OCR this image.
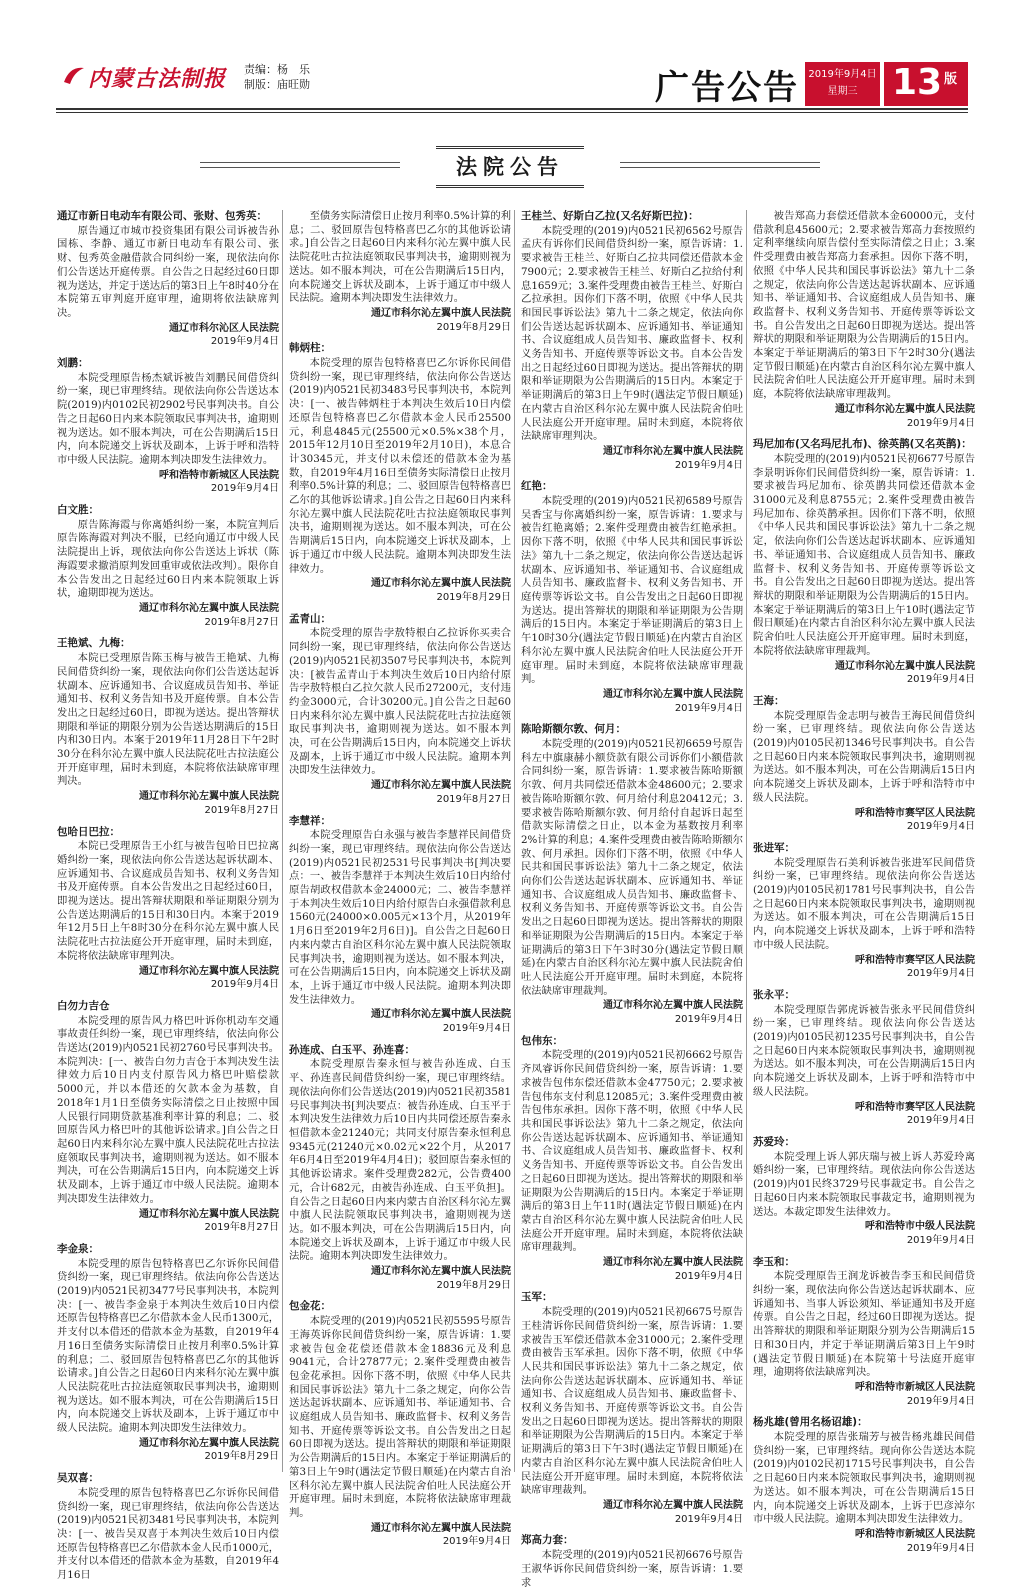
内蒙古法制报 责编：杨　乐
制版：庙旺勋	广告公告 2019年9月4日
星期三 13 版
法院公告
通辽市新日电动车有限公司、张财、包秀英：
原告通辽市城市投资集团有限公司诉被告孙国栋、李静、通辽市新日电动车有限公司、张财、包秀英金融借款合同纠纷一案，现依法向你们公告送达开庭传票。自公告之日起经过60日即视为送达，并定于送达后的第3日上午8时40分在本院第五审判庭开庭审理，逾期将依法缺席判决。
通辽市科尔沁区人民法院
2019年9月4日
刘鹏：
本院受理原告杨杰斌诉被告刘鹏民间借贷纠纷一案，现已审理终结。现依法向你公告送达本院(2019)内0102民初2902号民事判决书。自公告之日起60日内来本院领取民事判决书，逾期则视为送达。如不服本判决，可在公告期满后15日内，向本院递交上诉状及副本，上诉于呼和浩特市中级人民法院。逾期本判决即发生法律效力。
呼和浩特市新城区人民法院
2019年9月4日
白文胜：
原告陈海霞与你离婚纠纷一案，本院宣判后原告陈海霞对判决不服，已经向通辽市中级人民法院提出上诉，现依法向你公告送达上诉状（陈海霞要求撤消原判发回重审或依法改判）。限你自本公告发出之日起经过60日内来本院领取上诉状，逾期即视为送达。
通辽市科尔沁左翼中旗人民法院
2019年8月27日
王艳斌、九梅：
本院已受理原告陈玉梅与被告王艳斌、九梅民间借贷纠纷一案，现依法向你们公告送达起诉状副本、应诉通知书、合议庭成员告知书、举证通知书、权利义务告知书及开庭传票。自本公告发出之日起经过60日，即视为送达。提出答辩状期限和举证的期限分别为公告送达期满后的15日内和30日内。本案于2019年11月28日下午2时30分在科尔沁左翼中旗人民法院花吐古拉法庭公开开庭审理，届时未到庭，本院将依法缺席审理判决。
通辽市科尔沁左翼中旗人民法院
2019年8月27日
包哈日巴拉：
本院已受理原告王小红与被告包哈日巴拉离婚纠纷一案，现依法向你公告送达起诉状副本、应诉通知书、合议庭成员告知书、权利义务告知书及开庭传票。自本公告发出之日起经过60日，即视为送达。提出答辩状期限和举证期限分别为公告送达期满后的15日和30日内。本案于2019年12月5日上午8时30分在科尔沁左翼中旗人民法院花吐古拉法庭公开开庭审理，届时未到庭，本院将依法缺席审理判决。
通辽市科尔沁左翼中旗人民法院
2019年9月4日
白勿力吉仓
本院受理的原告风力格巴叶诉你机动车交通事故责任纠纷一案，现已审理终结，依法向你公告送达(2019)内0521民初2760号民事判决书。本院判决：[一、被告白勿力吉仓于本判决发生法律效力后10日内支付原告风力格巴叶赔偿款5000元，并以本借还的欠款本金为基数，自2018年1月1日至债务实际清偿之日止按照中国人民银行同期贷款基准利率计算的利息；二、驳回原告风力格巴叶的其他诉讼请求。]自公告之日起60日内来科尔沁左翼中旗人民法院花吐古拉法庭领取民事判决书，逾期则视为送达。如不服本判决，可在公告期满后15日内，向本院递交上诉状及副本，上诉于通辽市中级人民法院。逾期本判决即发生法律效力。
通辽市科尔沁左翼中旗人民法院
2019年8月27日
李金泉：
本院受理的原告包特格喜巴乙尔诉你民间借贷纠纷一案，现已审理终结。依法向你公告送达(2019)内0521民初3477号民事判决书，本院判决：[一、被告李金泉于本判决生效后10日内偿还原告包特格喜巴乙尔借款本金人民币1300元，并支付以本借还的借款本金为基数，自2019年4月16日至债务实际清偿日止按月利率0.5%计算的利息；二、驳回原告包特格喜巴乙尔的其他诉讼请求。]自公告之日起60日内来科尔沁左翼中旗人民法院花吐古拉法庭领取民事判决书，逾期则视为送达。如不服本判决，可在公告期满后15日内，向本院递交上诉状及副本，上诉于通辽市中级人民法院。逾期本判决即发生法律效力。
通辽市科尔沁左翼中旗人民法院
2019年8月29日
吴双喜：
本院受理的原告包特格喜巴乙尔诉你民间借贷纠纷一案，现已审理终结，依法向你公告送达(2019)内0521民初3481号民事判决书，本院判决：[一、被告吴双喜于本判决生效后10日内偿还原告包特格喜巴乙尔借款本金人民币1000元，并支付以本借还的借款本金为基数，自2019年4月16日
至债务实际清偿日止按月利率0.5%计算的利息；二、驳回原告包特格喜巴乙尔的其他诉讼请求。]自公告之日起60日内来科尔沁左翼中旗人民法院花吐古拉法庭领取民事判决书，逾期则视为送达。如不服本判决，可在公告期满后15日内，向本院递交上诉状及副本，上诉于通辽市中级人民法院。逾期本判决即发生法律效力。
通辽市科尔沁左翼中旗人民法院
2019年8月29日
韩炳柱：
本院受理的原告包特格喜巴乙尔诉你民间借贷纠纷一案，现已审理终结，依法向你公告送达(2019)内0521民初3483号民事判决书，本院判决：[一、被告韩炳柱于本判决生效后10日内偿还原告包特格喜巴乙尔借款本金人民币25500元，利息4845元(25500元×0.5%×38个月，2015年12月10日至2019年2月10日)，本息合计30345元，并支付以未偿还的借款本金为基数，自2019年4月16日至债务实际清偿日止按月利率0.5%计算的利息；二、驳回原告包特格喜巴乙尔的其他诉讼请求。]自公告之日起60日内来科尔沁左翼中旗人民法院花吐古拉法庭领取民事判决书，逾期则视为送达。如不服本判决，可在公告期满后15日内，向本院递交上诉状及副本，上诉于通辽市中级人民法院。逾期本判决即发生法律效力。
通辽市科尔沁左翼中旗人民法院
2019年8月29日
孟青山：
本院受理的原告孛敖特根白乙拉诉你买卖合同纠纷一案，现已审理终结，依法向你公告送达(2019)内0521民初3507号民事判决书，本院判决：[被告孟青山于本判决生效后10日内给付原告孛敖特根白乙拉欠款人民币27200元，支付违约金3000元，合计30200元。]自公告之日起60日内来科尔沁左翼中旗人民法院花吐古拉法庭领取民事判决书，逾期则视为送达。如不服本判决，可在公告期满后15日内，向本院递交上诉状及副本，上诉于通辽市中级人民法院。逾期本判决即发生法律效力。
通辽市科尔沁左翼中旗人民法院
2019年8月27日
李慧祥：
本院受理原告白永强与被告李慧祥民间借贷纠纷一案，现已审理终结。现依法向你公告送达(2019)内0521民初2531号民事判决书[判决要点：一、被告李慧祥于本判决生效后10日内给付原告胡政权借款本金24000元；二、被告李慧祥于本判决生效后10日内给付原告白永强借款利息1560元(24000×0.005元×13个月，从2019年1月6日至2019年2月6日)]。自公告之日起60日内来内蒙古自治区科尔沁左翼中旗人民法院领取民事判决书，逾期则视为送达。如不服本判决，可在公告期满后15日内，向本院递交上诉状及副本，上诉于通辽市中级人民法院。逾期本判决即发生法律效力。
通辽市科尔沁左翼中旗人民法院
2019年9月4日
孙连成、白玉平、孙连喜：
本院受理原告秦永恒与被告孙连成、白玉平、孙连喜民间借贷纠纷一案，现已审理终结。现依法向你们公告送达(2019)内0521民初3581号民事判决书[判决要点：被告孙连成、白玉平于本判决发生法律效力后10日内共同偿还原告秦永恒借款本金21240元；共同支付原告秦永恒利息9345元(21240元×0.02元×22个月，从2017年6月4日至2019年4月4日)；驳回原告秦永恒的其他诉讼请求。案件受理费282元，公告费400元，合计682元，由被告孙连成、白玉平负担]。自公告之日起60日内来内蒙古自治区科尔沁左翼中旗人民法院领取民事判决书，逾期则视为送达。如不服本判决，可在公告期满后15日内，向本院递交上诉状及副本，上诉于通辽市中级人民法院。逾期本判决即发生法律效力。
通辽市科尔沁左翼中旗人民法院
2019年8月29日
包金花：
本院受理的(2019)内0521民初5595号原告王海英诉你民间借贷纠纷一案，原告诉请：1.要求被告包金花偿还借款本金18836元及利息9041元，合计27877元；2.案件受理费由被告包金花承担。因你下落不明，依照《中华人民共和国民事诉讼法》第九十二条之规定，向你公告送达起诉状副本、应诉通知书、举证通知书、合议庭组成人员告知书、廉政监督卡、权利义务告知书、开庭传票等诉讼文书。自公告发出之日起60日即视为送达。提出答辩状的期限和举证期限为公告期满后的15日内。本案定于举证期满后的第3日上午9时(遇法定节假日顺延)在内蒙古自治区科尔沁左翼中旗人民法院舍伯吐人民法庭公开开庭审理。届时未到庭，本院将依法缺席审理裁判。
通辽市科尔沁左翼中旗人民法院
2019年9月4日
王桂兰、好斯白乙拉(又名好斯巴拉)：
本院受理的(2019)内0521民初6562号原告孟庆有诉你们民间借贷纠纷一案，原告诉请：1.要求被告王桂兰、好斯白乙拉共同偿还借款本金7900元；2.要求被告王桂兰、好斯白乙拉给付利息1659元；3.案件受理费由被告王桂兰、好斯白乙拉承担。因你们下落不明，依照《中华人民共和国民事诉讼法》第九十二条之规定，依法向你们公告送达起诉状副本、应诉通知书、举证通知书、合议庭组成人员告知书、廉政监督卡、权利义务告知书、开庭传票等诉讼文书。自本公告发出之日起经过60日即视为送达。提出答辩状的期限和举证期限为公告期满后的15日内。本案定于举证期满后的第3日上午9时(遇法定节假日顺延)在内蒙古自治区科尔沁左翼中旗人民法院舍伯吐人民法庭公开开庭审理。届时未到庭，本院将依法缺席审理判决。
通辽市科尔沁左翼中旗人民法院
2019年9月4日
红艳：
本院受理的(2019)内0521民初6589号原告吴香宝与你离婚纠纷一案，原告诉请：1.要求与被告红艳离婚；2.案件受理费由被告红艳承担。因你下落不明，依照《中华人民共和国民事诉讼法》第九十二条之规定，依法向你公告送达起诉状副本、应诉通知书、举证通知书、合议庭组成人员告知书、廉政监督卡、权利义务告知书、开庭传票等诉讼文书。自公告发出之日起60日即视为送达。提出答辩状的期限和举证期限为公告期满后的15日内。本案定于举证期满后的第3日上午10时30分(遇法定节假日顺延)在内蒙古自治区科尔沁左翼中旗人民法院舍伯吐人民法庭公开开庭审理。届时未到庭，本院将依法缺席审理裁判。
通辽市科尔沁左翼中旗人民法院
2019年9月4日
陈哈斯额尔敦、何月：
本院受理的(2019)内0521民初6659号原告科左中旗康赫小额贷款有限公司诉你们小额借款合同纠纷一案，原告诉请：1.要求被告陈哈斯额尔敦、何月共同偿还借款本金48600元；2.要求被告陈哈斯额尔敦、何月给付利息20412元；3.要求被告陈哈斯额尔敦、何月给付自起诉日起至借款实际清偿之日止，以本金为基数按月利率2%计算的利息；4.案件受理费由被告陈哈斯额尔敦、何月承担。因你们下落不明，依照《中华人民共和国民事诉讼法》第九十二条之规定，依法向你们公告送达起诉状副本、应诉通知书、举证通知书、合议庭组成人员告知书、廉政监督卡、权利义务告知书、开庭传票等诉讼文书。自公告发出之日起60日即视为送达。提出答辩状的期限和举证期限为公告期满后的15日内。本案定于举证期满后的第3日下午3时30分(遇法定节假日顺延)在内蒙古自治区科尔沁左翼中旗人民法院舍伯吐人民法庭公开开庭审理。届时未到庭，本院将依法缺席审理裁判。
通辽市科尔沁左翼中旗人民法院
2019年9月4日
包伟东：
本院受理的(2019)内0521民初6662号原告齐凤睿诉你民间借贷纠纷一案，原告诉请：1.要求被告包伟东偿还借款本金47750元；2.要求被告包伟东支付利息12085元；3.案件受理费由被告包伟东承担。因你下落不明，依照《中华人民共和国民事诉讼法》第九十二条之规定，依法向你公告送达起诉状副本、应诉通知书、举证通知书、合议庭组成人员告知书、廉政监督卡、权利义务告知书、开庭传票等诉讼文书。自公告发出之日起60日即视为送达。提出答辩状的期限和举证期限为公告期满后的15日内。本案定于举证期满后的第3日上午11时(遇法定节假日顺延)在内蒙古自治区科尔沁左翼中旗人民法院舍伯吐人民法庭公开开庭审理。届时未到庭，本院将依法缺席审理裁判。
通辽市科尔沁左翼中旗人民法院
2019年9月4日
玉军：
本院受理的(2019)内0521民初6675号原告王桂清诉你民间借贷纠纷一案，原告诉请：1.要求被告玉军偿还借款本金31000元；2.案件受理费由被告玉军承担。因你下落不明，依照《中华人民共和国民事诉讼法》第九十二条之规定，依法向你公告送达起诉状副本、应诉通知书、举证通知书、合议庭组成人员告知书、廉政监督卡、权利义务告知书、开庭传票等诉讼文书。自公告发出之日起60日即视为送达。提出答辩状的期限和举证期限为公告期满后的15日内。本案定于举证期满后的第3日下午3时(遇法定节假日顺延)在内蒙古自治区科尔沁左翼中旗人民法院舍伯吐人民法庭公开开庭审理。届时未到庭，本院将依法缺席审理裁判。
通辽市科尔沁左翼中旗人民法院
2019年9月4日
郑高力套：
本院受理的(2019)内0521民初6676号原告王淑华诉你民间借贷纠纷一案，原告诉请：1.要求
被告郑高力套偿还借款本金60000元，支付借款利息45600元；2.要求被告郑高力套按照约定利率继续向原告偿付至实际清偿之日止；3.案件受理费由被告郑高力套承担。因你下落不明，依照《中华人民共和国民事诉讼法》第九十二条之规定，依法向你公告送达起诉状副本、应诉通知书、举证通知书、合议庭组成人员告知书、廉政监督卡、权利义务告知书、开庭传票等诉讼文书。自公告发出之日起60日即视为送达。提出答辩状的期限和举证期限为公告期满后的15日内。本案定于举证期满后的第3日下午2时30分(遇法定节假日顺延)在内蒙古自治区科尔沁左翼中旗人民法院舍伯吐人民法庭公开开庭审理。届时未到庭，本院将依法缺席审理裁判。
通辽市科尔沁左翼中旗人民法院
2019年9月4日
玛尼加布(又名玛尼扎布)、徐英鹊(又名英鹊)：
本院受理的(2019)内0521民初6677号原告李景明诉你们民间借贷纠纷一案，原告诉请：1.要求被告玛尼加布、徐英鹊共同偿还借款本金31000元及利息8755元；2.案件受理费由被告玛尼加布、徐英鹊承担。因你们下落不明，依照《中华人民共和国民事诉讼法》第九十二条之规定，依法向你们公告送达起诉状副本、应诉通知书、举证通知书、合议庭组成人员告知书、廉政监督卡、权利义务告知书、开庭传票等诉讼文书。自公告发出之日起60日即视为送达。提出答辩状的期限和举证期限为公告期满后的15日内。本案定于举证期满后的第3日上午10时(遇法定节假日顺延)在内蒙古自治区科尔沁左翼中旗人民法院舍伯吐人民法庭公开开庭审理。届时未到庭，本院将依法缺席审理裁判。
通辽市科尔沁左翼中旗人民法院
2019年9月4日
王海：
本院受理原告金志明与被告王海民间借贷纠纷一案，已审理终结。现依法向你公告送达(2019)内0105民初1346号民事判决书。自公告之日起60日内来本院领取民事判决书，逾期则视为送达。如不服本判决，可在公告期满后15日内向本院递交上诉状及副本，上诉于呼和浩特市中级人民法院。
呼和浩特市赛罕区人民法院
2019年9月4日
张进军：
本院受理原告石美利诉被告张进军民间借贷纠纷一案，已审理终结。现依法向你公告送达(2019)内0105民初1781号民事判决书，自公告之日起60日内来本院领取民事判决书，逾期则视为送达。如不服本判决，可在公告期满后15日内，向本院递交上诉状及副本，上诉于呼和浩特市中级人民法院。
呼和浩特市赛罕区人民法院
2019年9月4日
张永平：
本院受理原告郭虎诉被告张永平民间借贷纠纷一案，已审理终结。现依法向你公告送达(2019)内0105民初1235号民事判决书，自公告之日起60日内来本院领取民事判决书，逾期则视为送达。如不服本判决，可在公告期满后15日内向本院递交上诉状及副本，上诉于呼和浩特市中级人民法院。
呼和浩特市赛罕区人民法院
2019年9月4日
苏爱玲：
本院受理上诉人郭庆瑞与被上诉人苏爱玲离婚纠纷一案，已审理终结。现依法向你公告送达(2019)内01民终3729号民事裁定书。自公告之日起60日内来本院领取民事裁定书，逾期则视为送达。本裁定即发生法律效力。
呼和浩特市中级人民法院
2019年9月4日
李玉和：
本院受理原告王润龙诉被告李玉和民间借贷纠纷一案，现依法向你公告送达起诉状副本、应诉通知书、当事人诉讼须知、举证通知书及开庭传票。自公告之日起，经过60日即视为送达。提出答辩状的期限和举证期限分别为公告期满后15日和30日内，并定于举证期满后第3日上午9时(遇法定节假日顺延)在本院第十号法庭开庭审理，逾期将依法缺席判决。
呼和浩特市新城区人民法院
2019年9月4日
杨兆雄(曾用名杨诏雄)：
本院受理的原告张瑞芳与被告杨兆雄民间借贷纠纷一案，已审理终结。现向你公告送达本院(2019)内0102民初1715号民事判决书，自公告之日起60日内来本院领取民事判决书，逾期则视为送达。如不服本判决，可在公告期满后15日内，向本院递交上诉状及副本，上诉于巴彦淖尔市中级人民法院。逾期本判决即发生法律效力。
呼和浩特市新城区人民法院
2019年9月4日
